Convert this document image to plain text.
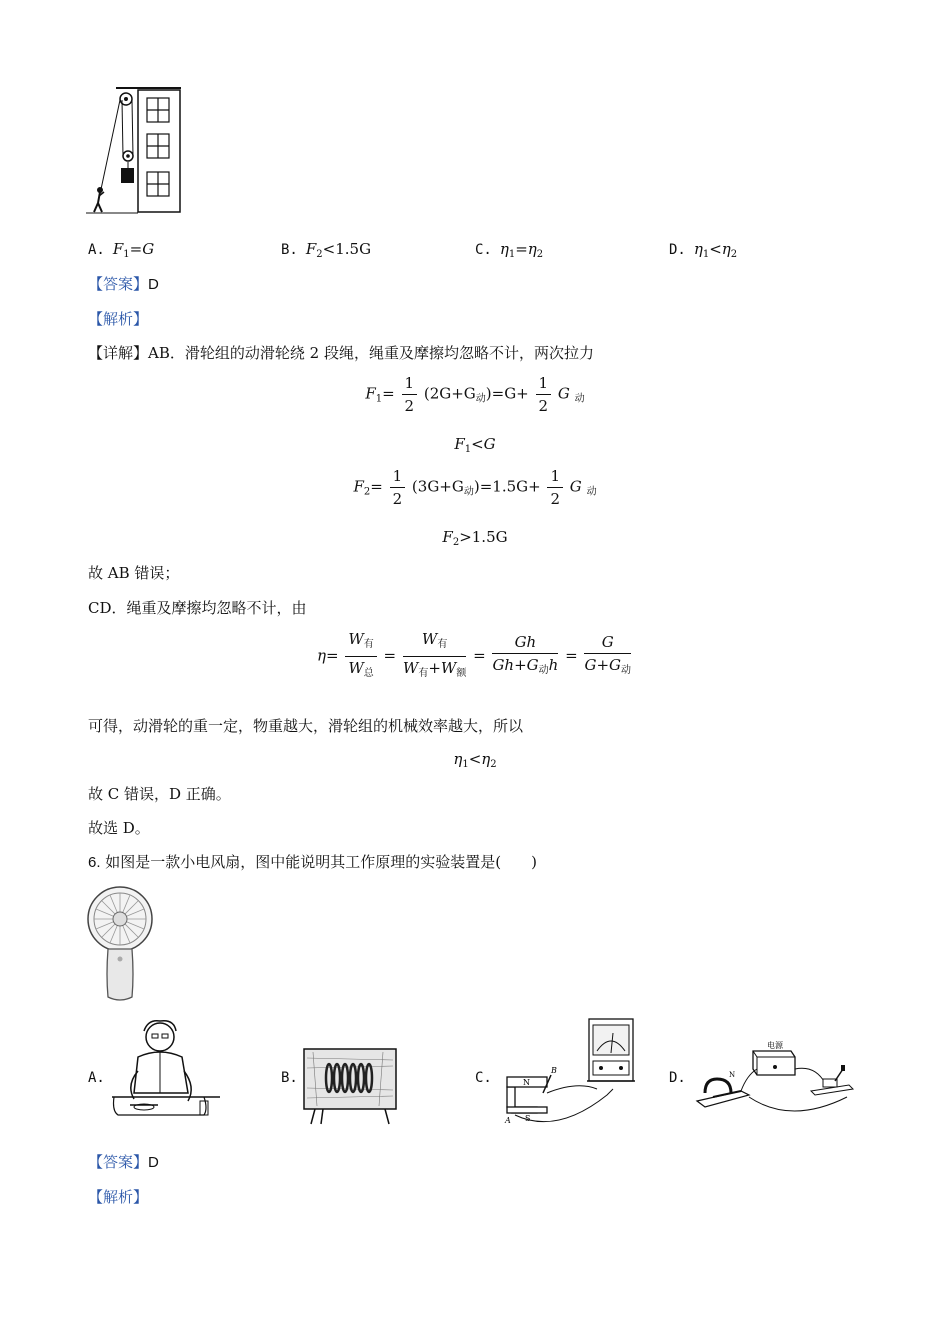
A. $F_1=G$	B. $F_2<1.5G$	C. $\eta_1=\eta_2$	D. $\eta_1<\eta_2$
【答案】D
【解析】
【详解】AB．滑轮组的动滑轮绕 2 段绳，绳重及摩擦均忽略不计，两次拉力
$F_1= \frac{1}{2} (2G+G_动)=G+ \frac{1}{2}$ G $_动$
$F_1<G$
$F_2= \frac{1}{2} (3G+G_动)=1.5G+ \frac{1}{2}$ G $_动$
$F_2>1.5G$
故 AB 错误；
CD．绳重及摩擦均忽略不计，由
$\eta= \frac{W_有}{W_总} = \frac{W_有}{W_有+W_额} = \frac{Gh}{Gh+G_动h} = \frac{G}{G+G_动}$
可得，动滑轮的重一定，物重越大，滑轮组的机械效率越大，所以
$\eta_1<\eta_2$
故 C 错误，D 正确。
故选 D。
6. 如图是一款小电风扇，图中能说明其工作原理的实验装置是(　　)
A.	B.	C.	N
S
B
A
D.
电源
N
【答案】D
【解析】
